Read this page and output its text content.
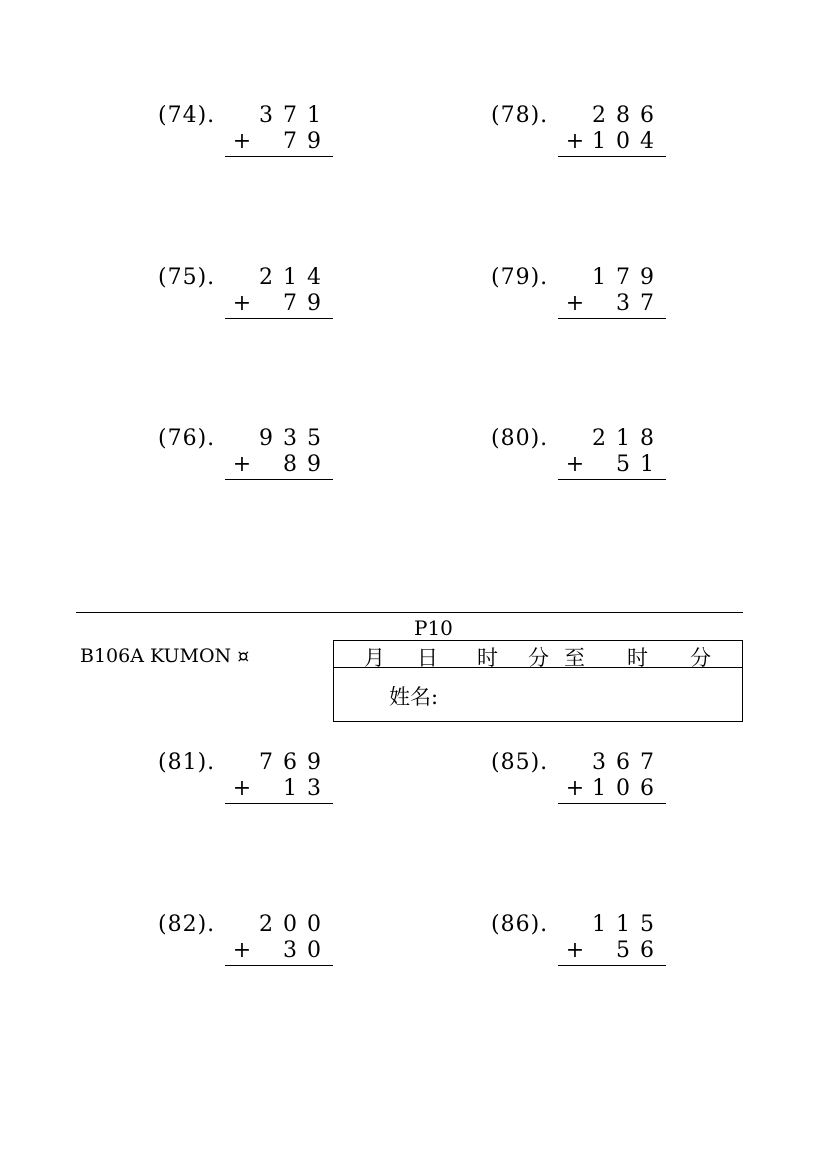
(74). 3 7 1
+ 7 9
(75). 2 1 4
+ 7 9
(76). 9 3 5
+ 8 9
(78). 2 8 6
+ 1 0 4
(79). 1 7 9
+ 3 7
(80). 2 1 8
+ 5 1
P10
B106A KUMON ¤	月 日 时 分 至 时 分
姓名:
(81). 7 6 9
+ 1 3
(82). 2 0 0
+ 3 0
(85). 3 6 7
+ 1 0 6
(86). 1 1 5
+ 5 6
